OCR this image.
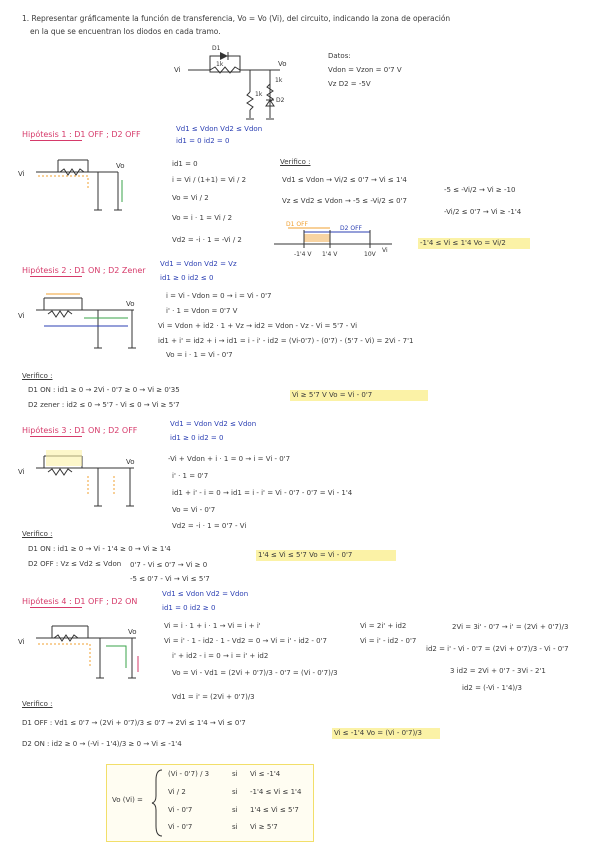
1. Representar gráficamente la función de transferencia, Vo = Vo (Vi), del circuito, indicando la zona de operación
en la que se encuentran los diodos en cada tramo.
D1
1k
1k
1k
D2
Vi
Vo
Datos:
Vdon = Vzon = 0'7 V
Vz D2 = -5V
Hipótesis 1 : D1 OFF ; D2 OFF
Vd1 ≤ Vdon Vd2 ≤ Vdon
id1 = 0 id2 = 0
Vi
Vo	id1 = 0
i = Vi / (1+1) = Vi / 2
Vo = Vi / 2
Vo = i · 1 = Vi / 2
Vd2 = -i · 1 = -Vi / 2
Verifico :
Vd1 ≤ Vdon → Vi/2 ≤ 0'7 → Vi ≤ 1'4
Vz ≤ Vd2 ≤ Vdon → -5 ≤ -Vi/2 ≤ 0'7
-5 ≤ -Vi/2 → Vi ≥ -10
-Vi/2 ≤ 0'7 → Vi ≥ -1'4
D1 OFF
D2 OFF
-1'4 V 1'4 V	10V
Vi
-1'4 ≤ Vi ≤ 1'4 Vo = Vi/2
Hipótesis 2 : D1 ON ; D2 Zener
Vd1 = Vdon Vd2 = Vz
id1 ≥ 0 id2 ≤ 0
Vi
Vo
i = Vi - Vdon = 0 → i = Vi - 0'7
i' · 1 = Vdon = 0'7 V
Vi = Vdon + id2 · 1 + Vz → id2 = Vdon - Vz - Vi = 5'7 - Vi
id1 + i' = id2 + i → id1 = i - i' - id2 = (Vi-0'7) - (0'7) - (5'7 - Vi) = 2Vi - 7'1
Vo = i · 1 = Vi - 0'7
Verifico :
D1 ON : id1 ≥ 0 → 2Vi - 0'7 ≥ 0 → Vi ≥ 0'35
D2 zener : id2 ≤ 0 → 5'7 - Vi ≤ 0 → Vi ≥ 5'7
Vi ≥ 5'7 V Vo = Vi - 0'7
Hipótesis 3 : D1 ON ; D2 OFF
Vd1 = Vdon Vd2 ≤ Vdon
id1 ≥ 0 id2 = 0
Vi
Vo	-Vi + Vdon + i · 1 = 0 → i = Vi - 0'7
i' · 1 = 0'7
id1 + i' - i = 0 → id1 = i - i' = Vi - 0'7 - 0'7 = Vi - 1'4
Vo = Vi - 0'7
Vd2 = -i · 1 = 0'7 - Vi
Verifico :
D1 ON : id1 ≥ 0 → Vi - 1'4 ≥ 0 → Vi ≥ 1'4
D2 OFF : Vz ≤ Vd2 ≤ Vdon 0'7 - Vi ≤ 0'7 → Vi ≥ 0
-5 ≤ 0'7 - Vi → Vi ≤ 5'7
1'4 ≤ Vi ≤ 5'7 Vo = Vi - 0'7
Hipótesis 4 : D1 OFF ; D2 ON
Vd1 ≤ Vdon Vd2 = Vdon
id1 = 0 id2 ≥ 0
Vi
Vo
Vi = i · 1 + i · 1 → Vi = i + i'
Vi = i' · 1 - id2 · 1 - Vd2 = 0 → Vi = i' - id2 - 0'7
i' + id2 - i = 0 → i = i' + id2
Vo = Vi - Vd1 = (2Vi + 0'7)/3 - 0'7 = (Vi - 0'7)/3
Vd1 = i' = (2Vi + 0'7)/3
Vi = 2i' + id2
Vi = i' - id2 - 0'7
2Vi = 3i' - 0'7 → i' = (2Vi + 0'7)/3
id2 = i' - Vi - 0'7 = (2Vi + 0'7)/3 - Vi - 0'7
3 id2 = 2Vi + 0'7 - 3Vi - 2'1
id2 = (-Vi - 1'4)/3
Verifico :
D1 OFF : Vd1 ≤ 0'7 → (2Vi + 0'7)/3 ≤ 0'7 → 2Vi ≤ 1'4 → Vi ≤ 0'7
D2 ON : id2 ≥ 0 → (-Vi - 1'4)/3 ≥ 0 → Vi ≤ -1'4
Vi ≤ -1'4 Vo = (Vi - 0'7)/3
Vo (Vi) =
(Vi - 0'7) / 3	si Vi ≤ -1'4
Vi / 2	si -1'4 ≤ Vi ≤ 1'4
Vi - 0'7	si 1'4 ≤ Vi ≤ 5'7
Vi - 0'7	si Vi ≥ 5'7
